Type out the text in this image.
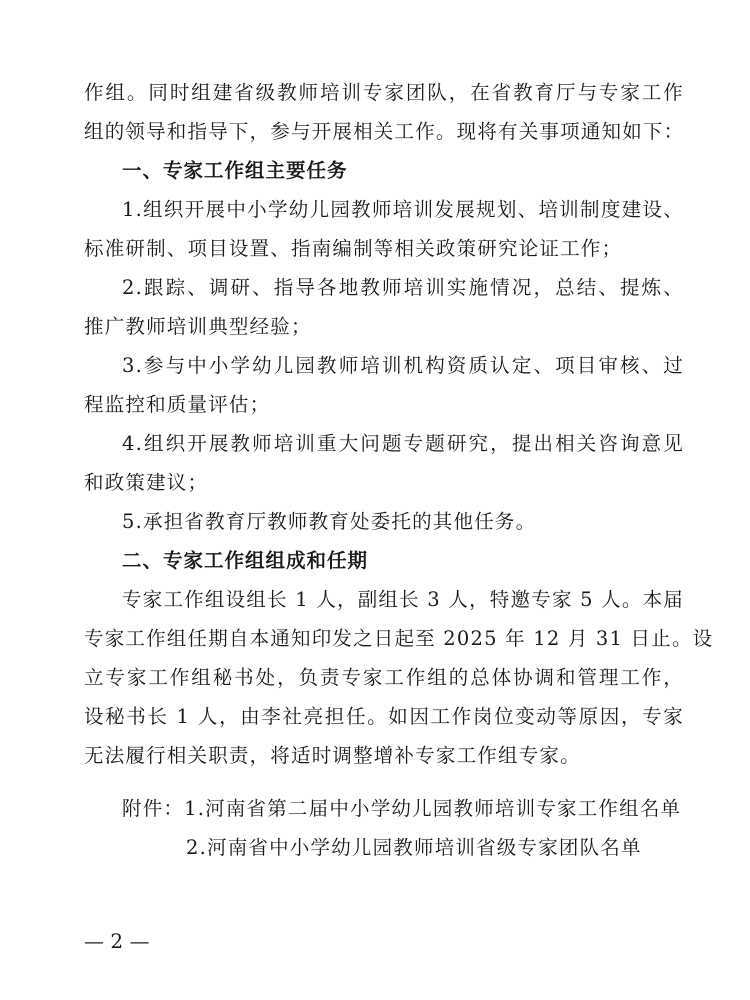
作组。同时组建省级教师培训专家团队，在省教育厅与专家工作
组的领导和指导下，参与开展相关工作。现将有关事项通知如下：
一、专家工作组主要任务
1.组织开展中小学幼儿园教师培训发展规划、培训制度建设、
标准研制、项目设置、指南编制等相关政策研究论证工作；
2.跟踪、调研、指导各地教师培训实施情况，总结、提炼、
推广教师培训典型经验；
3.参与中小学幼儿园教师培训机构资质认定、项目审核、过
程监控和质量评估；
4.组织开展教师培训重大问题专题研究，提出相关咨询意见
和政策建议；
5.承担省教育厅教师教育处委托的其他任务。
二、专家工作组组成和任期
专家工作组设组长 1 人，副组长 3 人，特邀专家 5 人。本届
专家工作组任期自本通知印发之日起至 2025 年 12 月 31 日止。设
立专家工作组秘书处，负责专家工作组的总体协调和管理工作，
设秘书长 1 人，由李社亮担任。如因工作岗位变动等原因，专家
无法履行相关职责，将适时调整增补专家工作组专家。
附件：1.河南省第二届中小学幼儿园教师培训专家工作组名单
2.河南省中小学幼儿园教师培训省级专家团队名单
— 2 —
